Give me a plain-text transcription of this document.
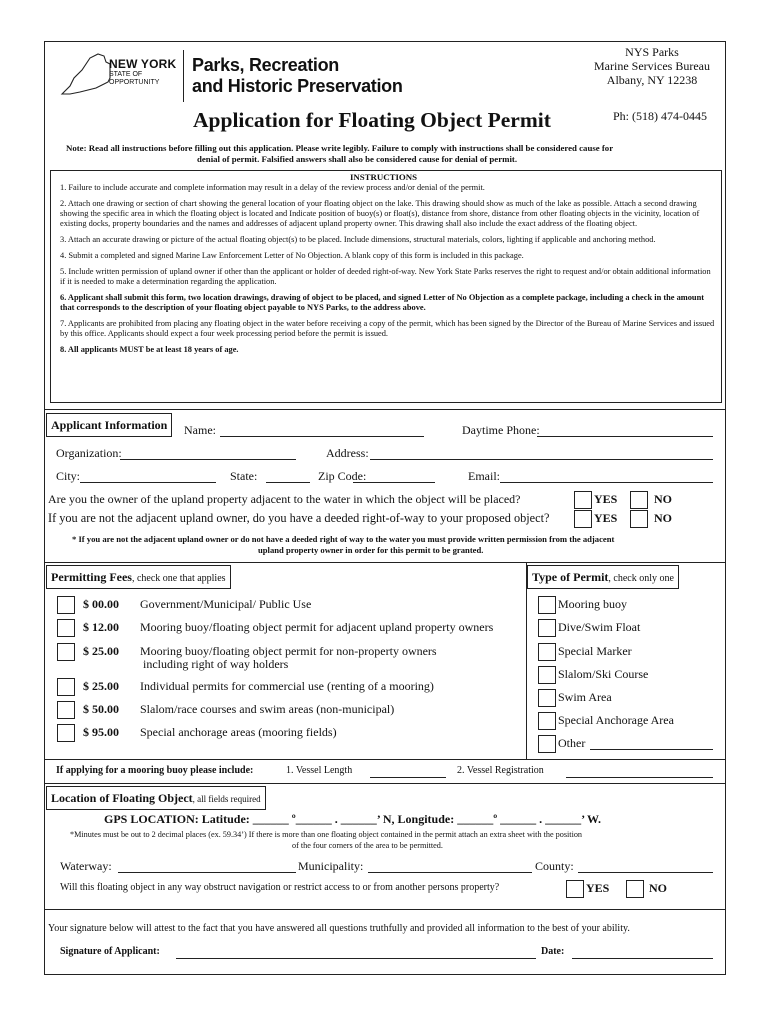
NEW YORK
STATE OF
OPPORTUNITY
Parks, Recreation
and Historic Preservation
NYS Parks
Marine Services Bureau
Albany, NY 12238
Ph: (518) 474-0445
Application for Floating Object Permit
Note: Read all instructions before filling out this application. Please write legibly. Failure to comply with instructions shall be considered cause for
denial of permit. Falsified answers shall also be considered cause for denial of permit.
INSTRUCTIONS

1. Failure to include accurate and complete information may result in a delay of the review process and/or denial of the permit.

2. Attach one drawing or section of chart showing the general location of your floating object on the lake. This drawing should show as much of the lake as possible. Attach a second drawing showing the specific area in which the floating object is located and Indicate position of buoy(s) or float(s), distance from shore, distance from other floating objects in the vicinity, location of existing docks, property boundaries and the names and addresses of adjacent upland property owner. This drawing shall also include the exact address of the floating object.

3. Attach an accurate drawing or picture of the actual floating object(s) to be placed. Include dimensions, structural materials, colors, lighting if applicable and anchoring method.

4. Submit a completed and signed Marine Law Enforcement Letter of No Objection. A blank copy of this form is included in this package.

5. Include written permission of upland owner if other than the applicant or holder of deeded right-of-way. New York State Parks reserves the right to request and/or obtain additional information if it is needed to make a determination regarding the application.

6. Applicant shall submit this form, two location drawings, drawing of object to be placed, and signed Letter of No Objection as a complete package, including a check in the amount that corresponds to the description of your floating object payable to NYS Parks, to the address above.

7. Applicants are prohibited from placing any floating object in the water before receiving a copy of the permit, which has been signed by the Director of the Bureau of Marine Services and issued by this office. Applicants should expect a four week processing period before the permit is issued.

8. All applicants MUST be at least 18 years of age.

Applicant Information	Name:	Daytime Phone:
Organization:	Address:
City:	State:	Zip Code:	Email:
Are you the owner of the upland property adjacent to the water in which the object will be placed?	YES	NO
If you are not the adjacent upland owner, do you have a deeded right-of-way to your proposed object?	YES	NO
* If you are not the adjacent upland owner or do not have a deeded right of way to the water you must provide written permission from the adjacent
upland property owner in order for this permit to be granted.
Permitting Fees, check one that applies
$ 00.00 Government/Municipal/ Public Use
$ 12.00 Mooring buoy/floating object permit for adjacent upland property owners
$ 25.00 Mooring buoy/floating object permit for non-property owners
including right of way holders
$ 25.00 Individual permits for commercial use (renting of a mooring)
$ 50.00 Slalom/race courses and swim areas (non-municipal)
$ 95.00 Special anchorage areas (mooring fields)
Type of Permit, check only one
Mooring buoy
Dive/Swim Float
Special Marker
Slalom/Ski Course
Swim Area
Special Anchorage Area
Other
If applying for a mooring buoy please include:	1. Vessel Length	2. Vessel Registration
Location of Floating Object, all fields required
GPS LOCATION: Latitude: ______ º______ . ______’ N, Longitude: ______º ______ . ______’ W.
*Minutes must be out to 2 decimal places (ex. 59.34’) If there is more than one floating object contained in the permit attach an extra sheet with the position
of the four corners of the area to be permitted.
Waterway:	Municipality:	County:
Will this floating object in any way obstruct navigation or restrict access to or from another persons property?	YES	NO
Your signature below will attest to the fact that you have answered all questions truthfully and provided all information to the best of your ability.
Signature of Applicant:	Date:
